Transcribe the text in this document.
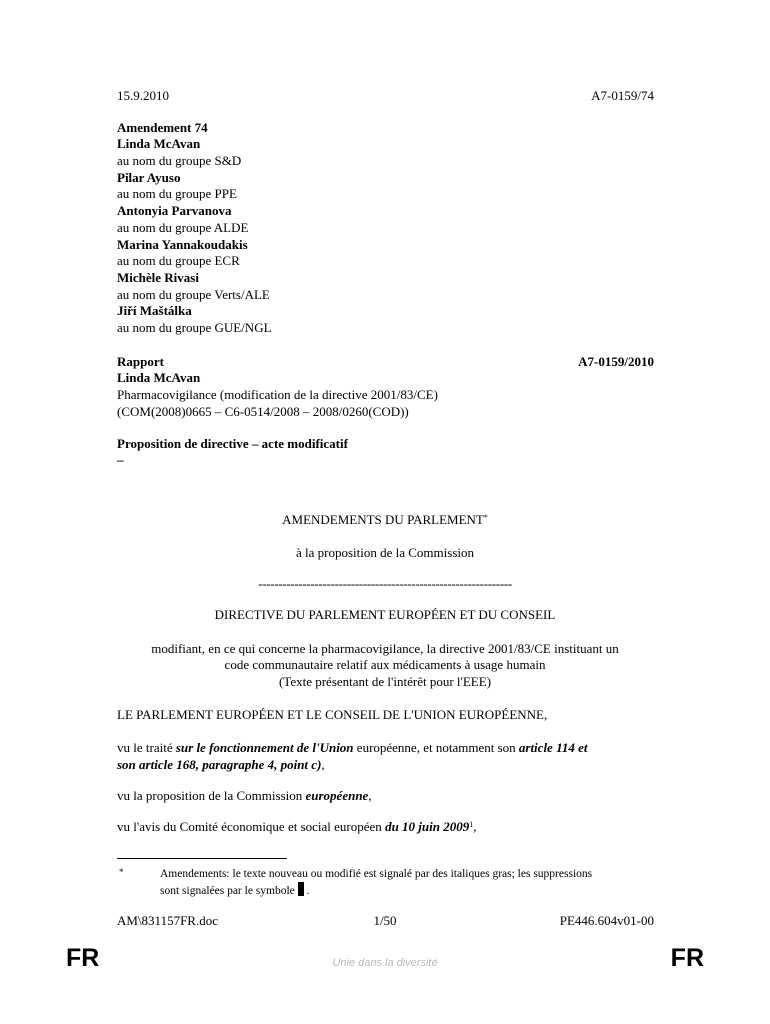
15.9.2010	A7-0159/74
Amendement 74
Linda McAvan
au nom du groupe S&D
Pilar Ayuso
au nom du groupe PPE
Antonyia Parvanova
au nom du groupe ALDE
Marina Yannakoudakis
au nom du groupe ECR
Michèle Rivasi
au nom du groupe Verts/ALE
Jiří Maštálka
au nom du groupe GUE/NGL
Rapport	A7-0159/2010
Linda McAvan
Pharmacovigilance (modification de la directive 2001/83/CE)
(COM(2008)0665 – C6-0514/2008 – 2008/0260(COD))
Proposition de directive – acte modificatif
–
AMENDEMENTS DU PARLEMENT*
à la proposition de la Commission
---------------------------------------------------------------
DIRECTIVE DU PARLEMENT EUROPÉEN ET DU CONSEIL
modifiant, en ce qui concerne la pharmacovigilance, la directive 2001/83/CE instituant un
code communautaire relatif aux médicaments à usage humain
(Texte présentant de l'intérêt pour l'EEE)
LE PARLEMENT EUROPÉEN ET LE CONSEIL DE L'UNION EUROPÉENNE,
vu le traité sur le fonctionnement de l'Union européenne, et notamment son article 114 et
son article 168, paragraphe 4, point c),
vu la proposition de la Commission européenne,
vu l'avis du Comité économique et social européen du 10 juin 2009$^1$,
*	Amendements: le texte nouveau ou modifié est signalé par des italiques gras; les suppressions
sont signalées par le symbole .
AM\831157FR.doc	1/50	PE446.604v01-00
FR	Unie dans la diversité	FR
